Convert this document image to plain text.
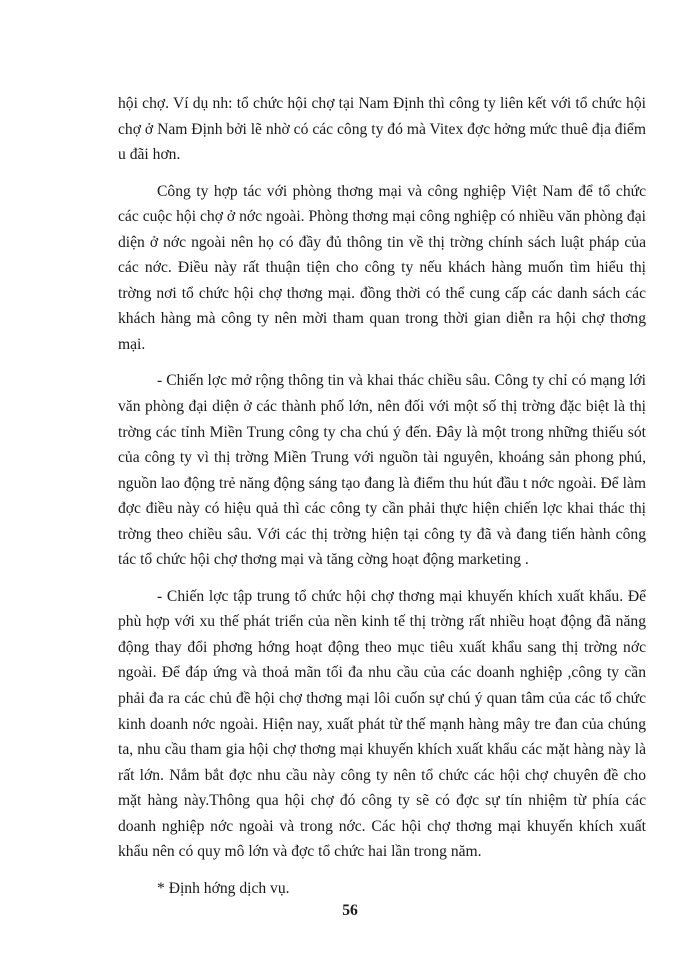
hội chợ. Ví dụ nh: tổ chức hội chợ tại Nam Định thì công ty liên kết với tổ chức hội chợ ở Nam Định bởi lẽ nhờ có các công ty đó mà Vitex đợc hởng mức thuê địa điểm u đãi hơn.

Công ty hợp tác với phòng thơng mại và công nghiệp Việt Nam để tổ chức các cuộc hội chợ ở nớc ngoài. Phòng thơng mại công nghiệp có nhiều văn phòng đại diện ở nớc ngoài nên họ có đầy đủ thông tin về thị trờng chính sách luật pháp của các nớc. Điều này rất thuận tiện cho công ty nếu khách hàng muốn tìm hiểu thị trờng nơi tổ chức hội chợ thơng mại. đồng thời có thể cung cấp các danh sách các khách hàng mà công ty nên mời tham quan trong thời gian diễn ra hội chợ thơng mại.

- Chiến lợc mở rộng thông tin và khai thác chiều sâu. Công ty chỉ có mạng lới văn phòng đại diện ở các thành phố lớn, nên đối với một số thị trờng đặc biệt là thị trờng các tỉnh Miền Trung công ty cha chú ý đến. Đây là một trong những thiếu sót của công ty vì thị trờng Miền Trung với nguồn tài nguyên, khoáng sản phong phú, nguồn lao động trẻ năng động sáng tạo đang là điểm thu hút đầu t nớc ngoài. Để làm đợc điều này có hiệu quả thì các công ty cần phải thực hiện chiến lợc khai thác thị trờng theo chiều sâu. Với các thị trờng hiện tại công ty đã và đang tiến hành công tác tổ chức hội chợ thơng mại và tăng cờng hoạt động marketing .

- Chiến lợc tập trung tổ chức hội chợ thơng mại khuyến khích xuất khẩu. Để phù hợp với xu thế phát triển của nền kinh tế thị trờng rất nhiều hoạt động đã năng động thay đổi phơng hớng hoạt động theo mục tiêu xuất khẩu sang thị trờng nớc ngoài. Để đáp ứng và thoả mãn tối đa nhu cầu của các doanh nghiệp ,công ty cần phải đa ra các chủ đề hội chợ thơng mại lôi cuốn sự chú ý quan tâm của các tổ chức kinh doanh nớc ngoài. Hiện nay, xuất phát từ thế mạnh hàng mây tre đan của chúng ta, nhu cầu tham gia hội chợ thơng mại khuyến khích xuất khẩu các mặt hàng này là rất lớn. Nắm bắt đợc nhu cầu này công ty nên tổ chức các hội chợ chuyên đề cho mặt hàng này.Thông qua hội chợ đó công ty sẽ có đợc sự tín nhiệm từ phía các doanh nghiệp nớc ngoài và trong nớc. Các hội chợ thơng mại khuyến khích xuất khẩu nên có quy mô lớn và đợc tổ chức hai lần trong năm.

* Định hớng dịch vụ.

56
